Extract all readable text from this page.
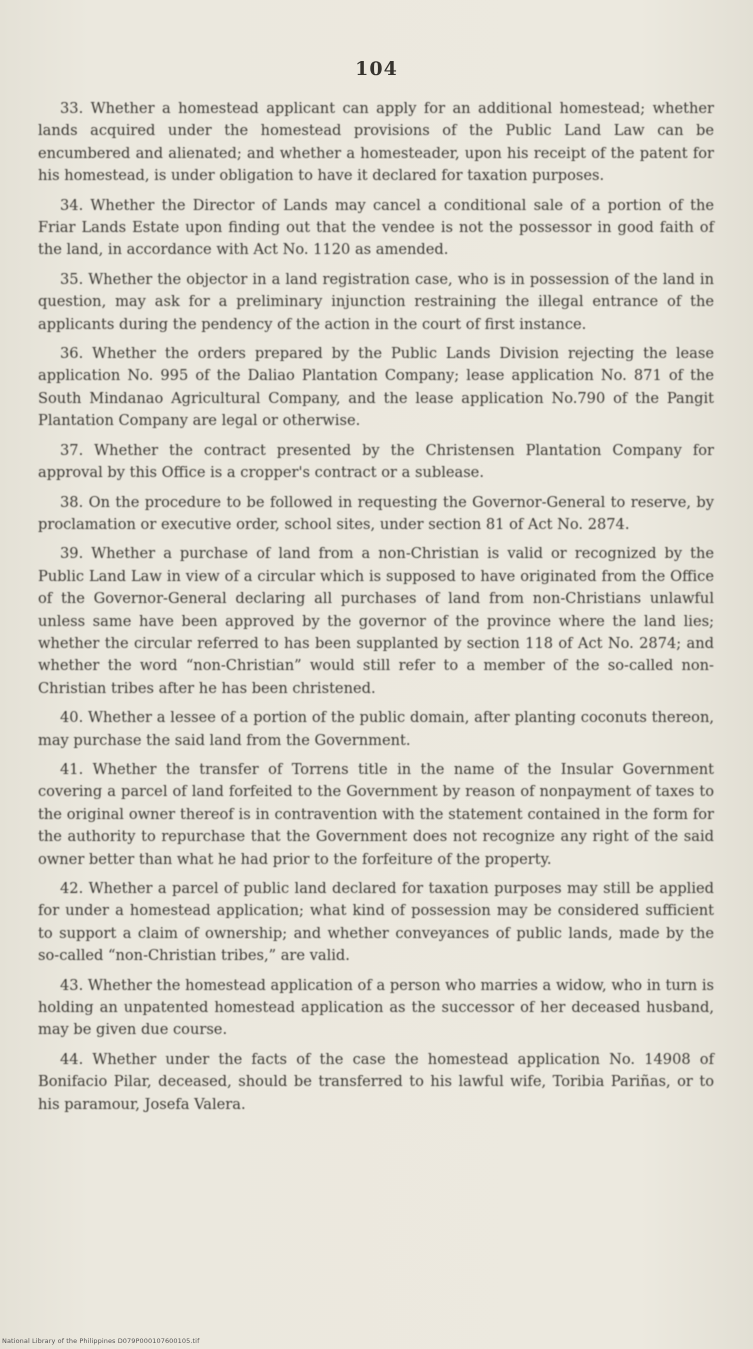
104

33. Whether a homestead applicant can apply for an additional homestead; whether lands acquired under the homestead provisions of the Public Land Law can be encumbered and alienated; and whether a homesteader, upon his receipt of the patent for his homestead, is under obligation to have it declared for taxation purposes.

34. Whether the Director of Lands may cancel a conditional sale of a portion of the Friar Lands Estate upon finding out that the vendee is not the possessor in good faith of the land, in accordance with Act No. 1120 as amended.

35. Whether the objector in a land registration case, who is in possession of the land in question, may ask for a preliminary injunction restraining the illegal entrance of the applicants during the pendency of the action in the court of first instance.

36. Whether the orders prepared by the Public Lands Division rejecting the lease application No. 995 of the Daliao Plantation Company; lease application No. 871 of the South Mindanao Agricultural Company, and the lease application No.790 of the Pangit Plantation Company are legal or otherwise.

37. Whether the contract presented by the Christensen Plantation Company for approval by this Office is a cropper's contract or a sublease.

38. On the procedure to be followed in requesting the Governor-General to reserve, by proclamation or executive order, school sites, under section 81 of Act No. 2874.

39. Whether a purchase of land from a non-Christian is valid or recognized by the Public Land Law in view of a circular which is supposed to have originated from the Office of the Governor-General declaring all purchases of land from non-Christians unlawful unless same have been approved by the governor of the province where the land lies; whether the circular referred to has been supplanted by section 118 of Act No. 2874; and whether the word “non-Christian” would still refer to a member of the so-called non-Christian tribes after he has been christened.

40. Whether a lessee of a portion of the public domain, after planting coconuts thereon, may purchase the said land from the Government.

41. Whether the transfer of Torrens title in the name of the Insular Government covering a parcel of land forfeited to the Government by reason of nonpayment of taxes to the original owner thereof is in contravention with the statement contained in the form for the authority to repurchase that the Government does not recognize any right of the said owner better than what he had prior to the forfeiture of the property.

42. Whether a parcel of public land declared for taxation purposes may still be applied for under a homestead application; what kind of possession may be considered sufficient to support a claim of ownership; and whether conveyances of public lands, made by the so-called “non-Christian tribes,” are valid.

43. Whether the homestead application of a person who marries a widow, who in turn is holding an unpatented homestead application as the successor of her deceased husband, may be given due course.

44. Whether under the facts of the case the homestead application No. 14908 of Bonifacio Pilar, deceased, should be transferred to his lawful wife, Toribia Pariñas, or to his paramour, Josefa Valera.

National Library of the Philippines D079P000107600105.tif
